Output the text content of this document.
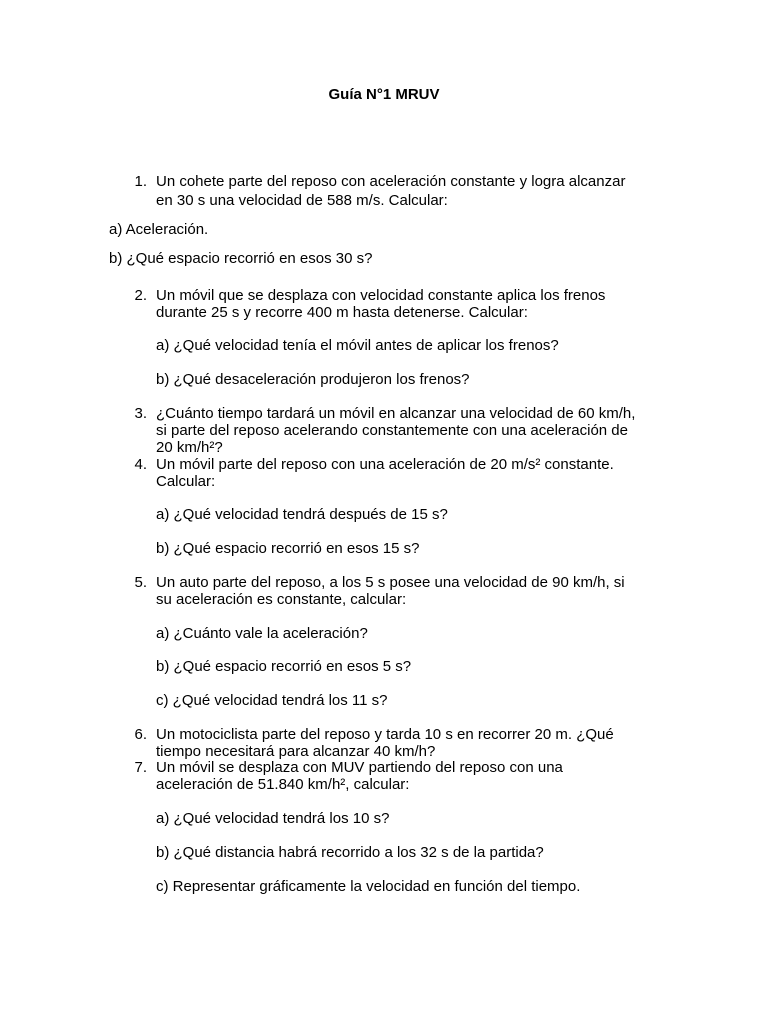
Guía N°1 MRUV
1. Un cohete parte del reposo con aceleración constante y logra alcanzar
en 30 s una velocidad de 588 m/s. Calcular:
a) Aceleración.
b) ¿Qué espacio recorrió en esos 30 s?
2. Un móvil que se desplaza con velocidad constante aplica los frenos
durante 25 s y recorre 400 m hasta detenerse. Calcular:
a) ¿Qué velocidad tenía el móvil antes de aplicar los frenos?
b) ¿Qué desaceleración produjeron los frenos?
3. ¿Cuánto tiempo tardará un móvil en alcanzar una velocidad de 60 km/h,
si parte del reposo acelerando constantemente con una aceleración de
20 km/h²?
4. Un móvil parte del reposo con una aceleración de 20 m/s² constante.
Calcular:
a) ¿Qué velocidad tendrá después de 15 s?
b) ¿Qué espacio recorrió en esos 15 s?
5. Un auto parte del reposo, a los 5 s posee una velocidad de 90 km/h, si
su aceleración es constante, calcular:
a) ¿Cuánto vale la aceleración?
b) ¿Qué espacio recorrió en esos 5 s?
c) ¿Qué velocidad tendrá los 11 s?
6. Un motociclista parte del reposo y tarda 10 s en recorrer 20 m. ¿Qué
tiempo necesitará para alcanzar 40 km/h?
7. Un móvil se desplaza con MUV partiendo del reposo con una
aceleración de 51.840 km/h², calcular:
a) ¿Qué velocidad tendrá los 10 s?
b) ¿Qué distancia habrá recorrido a los 32 s de la partida?
c) Representar gráficamente la velocidad en función del tiempo.
